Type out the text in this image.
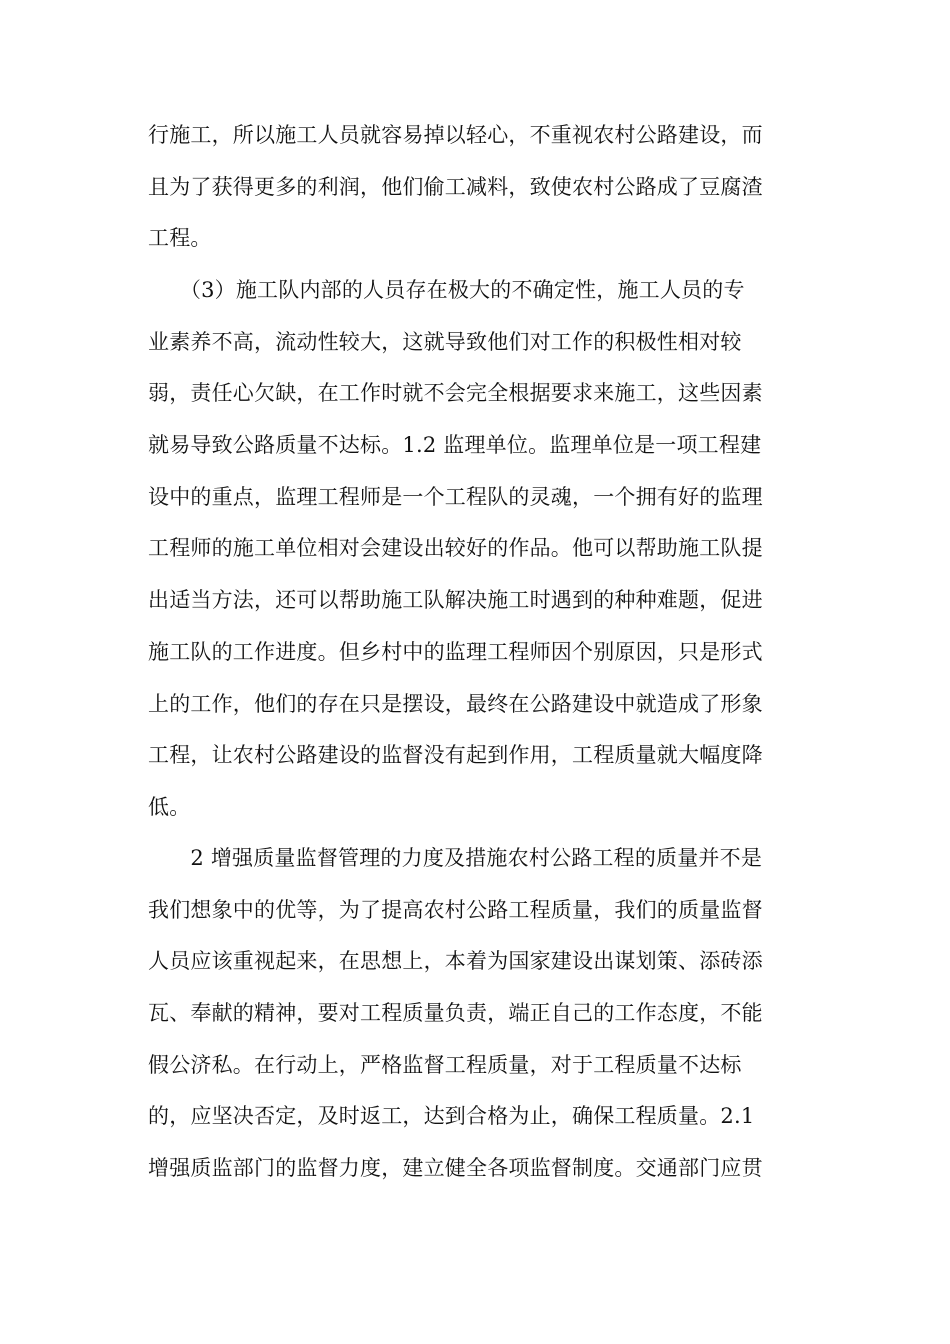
行施工，所以施工人员就容易掉以轻心，不重视农村公路建设，而
且为了获得更多的利润，他们偷工减料，致使农村公路成了豆腐渣
工程。
　　（3）施工队内部的人员存在极大的不确定性，施工人员的专
业素养不高，流动性较大，这就导致他们对工作的积极性相对较
弱，责任心欠缺，在工作时就不会完全根据要求来施工，这些因素
就易导致公路质量不达标。1.2 监理单位。监理单位是一项工程建
设中的重点，监理工程师是一个工程队的灵魂，一个拥有好的监理
工程师的施工单位相对会建设出较好的作品。他可以帮助施工队提
出适当方法，还可以帮助施工队解决施工时遇到的种种难题，促进
施工队的工作进度。但乡村中的监理工程师因个别原因，只是形式
上的工作，他们的存在只是摆设，最终在公路建设中就造成了形象
工程，让农村公路建设的监督没有起到作用，工程质量就大幅度降
低。
　　2 增强质量监督管理的力度及措施农村公路工程的质量并不是
我们想象中的优等，为了提高农村公路工程质量，我们的质量监督
人员应该重视起来，在思想上，本着为国家建设出谋划策、添砖添
瓦、奉献的精神，要对工程质量负责，端正自己的工作态度，不能
假公济私。在行动上，严格监督工程质量，对于工程质量不达标
的，应坚决否定，及时返工，达到合格为止，确保工程质量。2.1
增强质监部门的监督力度，建立健全各项监督制度。交通部门应贯
